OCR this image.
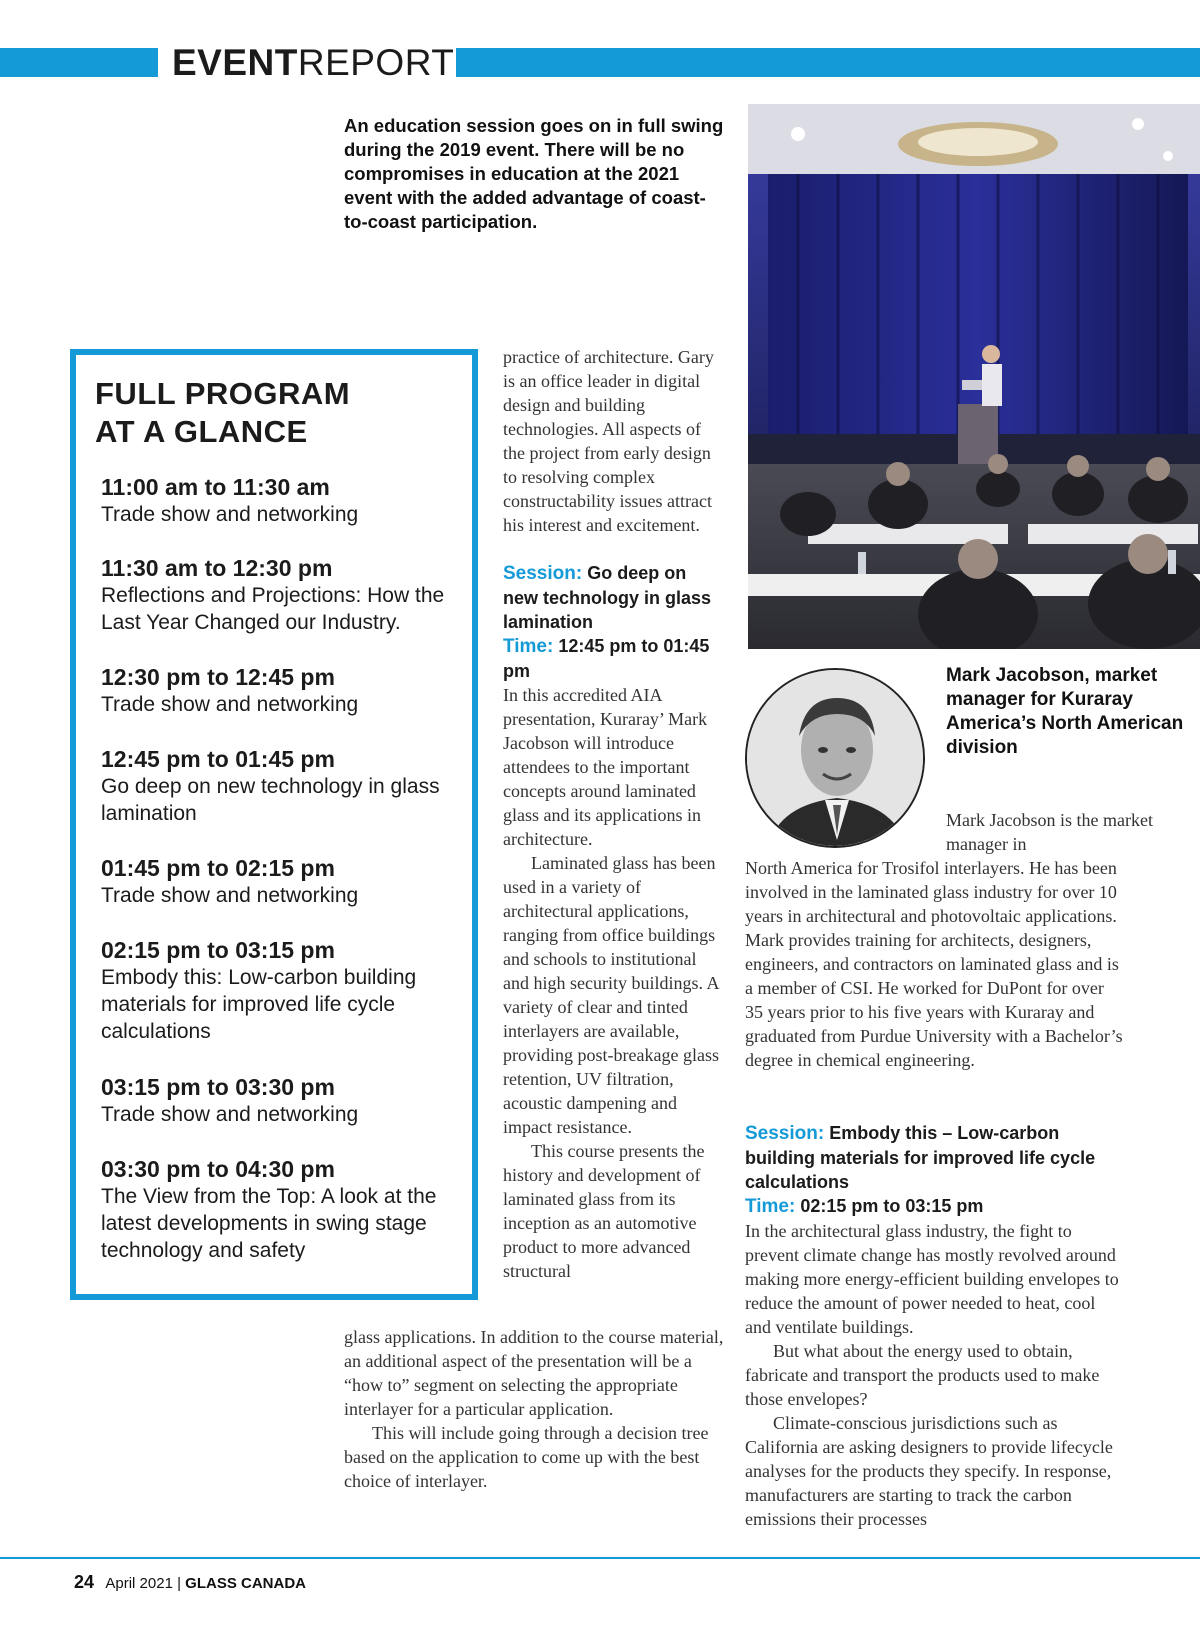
EVENTREPORT
An education session goes on in full swing during the 2019 event. There will be no compromises in education at the 2021 event with the added advantage of coast-to-coast participation.
FULL PROGRAM
AT A GLANCE
11:00 am to 11:30 am
Trade show and networking
11:30 am to 12:30 pm
Reflections and Projections: How the Last Year Changed our Industry.
12:30 pm to 12:45 pm
Trade show and networking
12:45 pm to 01:45 pm
Go deep on new technology in glass lamination
01:45 pm to 02:15 pm
Trade show and networking
02:15 pm to 03:15 pm
Embody this: Low-carbon building materials for improved life cycle calculations
03:15 pm to 03:30 pm
Trade show and networking
03:30 pm to 04:30 pm
The View from the Top: A look at the latest developments in swing stage technology and safety

practice of architecture. Gary is an office leader in digital design and building technologies. All aspects of the project from early design to resolving complex constructability issues attract his interest and excitement.

Session: Go deep on new technology in glass lamination
Time: 12:45 pm to 01:45 pm

In this accredited AIA presentation, Kuraray’ Mark Jacobson will introduce attendees to the important concepts around laminated glass and its applications in architecture.

Laminated glass has been used in a variety of architectural applications, ranging from office buildings and schools to institutional and high security buildings. A variety of clear and tinted interlayers are available, providing post-breakage glass retention, UV filtration, acoustic dampening and impact resistance.

This course presents the history and development of laminated glass from its inception as an automotive product to more advanced structural

glass applications. In addition to the course material, an additional aspect of the presentation will be a “how to” segment on selecting the appropriate interlayer for a particular application.

This will include going through a decision tree based on the application to come up with the best choice of interlayer.

Mark Jacobson, market manager for Kuraray America’s North American division
Mark Jacobson is the market manager in
North America for Trosifol interlayers. He has been involved in the laminated glass industry for over 10 years in architectural and photovoltaic applications. Mark provides training for architects, designers, engineers, and contractors on laminated glass and is a member of CSI. He worked for DuPont for over 35 years prior to his five years with Kuraray and graduated from Purdue University with a Bachelor’s degree in chemical engineering.
Session: Embody this – Low-carbon building materials for improved life cycle calculations
Time: 02:15 pm to 03:15 pm

In the architectural glass industry, the fight to prevent climate change has mostly revolved around making more energy-efficient building envelopes to reduce the amount of power needed to heat, cool and ventilate buildings.

But what about the energy used to obtain, fabricate and transport the products used to make those envelopes?

Climate-conscious jurisdictions such as California are asking designers to provide lifecycle analyses for the products they specify. In response, manufacturers are starting to track the carbon emissions their processes

24 April 2021 | GLASS CANADA
